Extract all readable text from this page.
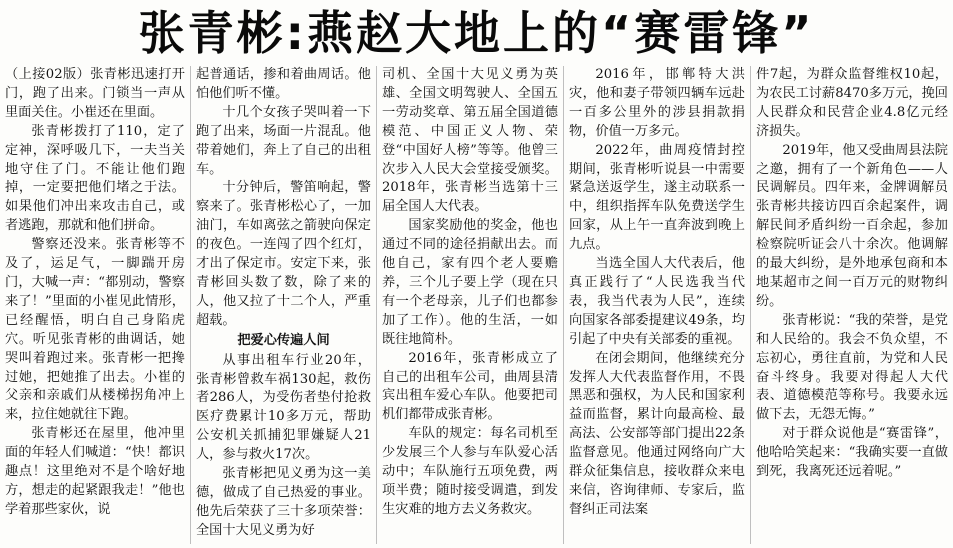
张青彬:燕赵大地上的“赛雷锋”

（上接02版）张青彬迅速打开门，跑了出来。门锁当一声从里面关住。小崔还在里面。

张青彬拨打了110，定了定神，深呼吸几下，一夫当关地守住了门。不能让他们跑掉，一定要把他们堵之于法。如果他们冲出来攻击自己，或者逃跑，那就和他们拼命。

警察还没来。张青彬等不及了，运足气，一脚踹开房门，大喊一声：“都别动，警察来了！”里面的小崔见此情形，已经醒悟，明白自己身陷虎穴。听见张青彬的曲调话，她哭叫着跑过来。张青彬一把搀过她，把她推了出去。小崔的父亲和亲戚们从楼梯拐角冲上来，拉住她就往下跑。

张青彬还在屋里，他冲里面的年轻人们喊道：“快！都识趣点！这里绝对不是个啥好地方，想走的起紧跟我走！”他也学着那些家伙，说

起普通话，掺和着曲周话。他怕他们听不懂。

十几个女孩子哭叫着一下跑了出来，场面一片混乱。他带着她们，奔上了自己的出租车。

十分钟后，警笛响起，警察来了。张青彬松心了，一加油门，车如离弦之箭驶向保定的夜色。一连闯了四个红灯，才出了保定市。安定下来，张青彬回头数了数，除了来的人，他又拉了十二个人，严重超载。

把爱心传遍人间

从事出租车行业20年，张青彬曾救车祸130起，救伤者286人，为受伤者垫付抢救医疗费累计10多万元，帮助公安机关抓捕犯罪嫌疑人21人，参与救火17次。

张青彬把见义勇为这一美德，做成了自己热爱的事业。他先后荣获了三十多项荣誉：全国十大见义勇为好

司机、全国十大见义勇为英雄、全国文明驾驶人、全国五一劳动奖章、第五届全国道德模范、中国正义人物、荣登“中国好人榜”等等。他曾三次步入人民大会堂接受颁奖。2018年，张青彬当选第十三届全国人大代表。

国家奖励他的奖金，他也通过不同的途径捐献出去。而他自己，家有四个老人要赡养，三个儿子要上学（现在只有一个老母亲，儿子们也都参加了工作）。他的生活，一如既往地简朴。

2016年，张青彬成立了自己的出租车公司，曲周县清宾出租车爱心车队。他要把司机们都带成张青彬。

车队的规定：每名司机至少发展三个人参与车队爱心活动中；车队施行五项免费，两项半费；随时接受调遣，到发生灾难的地方去义务救灾。

2016年，邯郸特大洪灾，他和妻子带领四辆车远赴一百多公里外的涉县捐款捐物，价值一万多元。

2022年，曲周疫情封控期间，张青彬听说县一中需要紧急送返学生，遂主动联系一中，组织指挥车队免费送学生回家，从上午一直奔波到晚上九点。

当选全国人大代表后，他真正践行了“人民选我当代表，我当代表为人民”，连续向国家各部委提建议49条，均引起了中央有关部委的重视。

在闭会期间，他继续充分发挥人大代表监督作用，不畏黑恶和强权，为人民和国家利益而监督，累计向最高检、最高法、公安部等部门提出22条监督意见。他通过网络向广大群众征集信息，接收群众来电来信，咨询律师、专家后，监督纠正司法案

件7起，为群众监督维权10起，为农民工讨薪8470多万元，挽回人民群众和民营企业4.8亿元经济损失。

2019年，他又受曲周县法院之邀，拥有了一个新角色——人民调解员。四年来，金牌调解员张青彬共接访四百余起案件，调解民间矛盾纠纷一百余起，参加检察院听证会八十余次。他调解的最大纠纷，是外地承包商和本地某超市之间一百万元的财物纠纷。

张青彬说：“我的荣誉，是党和人民给的。我会不负众望，不忘初心，勇往直前，为党和人民奋斗终身。我要对得起人大代表、道德模范等称号。我要永远做下去，无怨无悔。”

对于群众说他是“赛雷锋”，他哈哈笑起来：“我确实要一直做到死，我离死还远着呢。”
